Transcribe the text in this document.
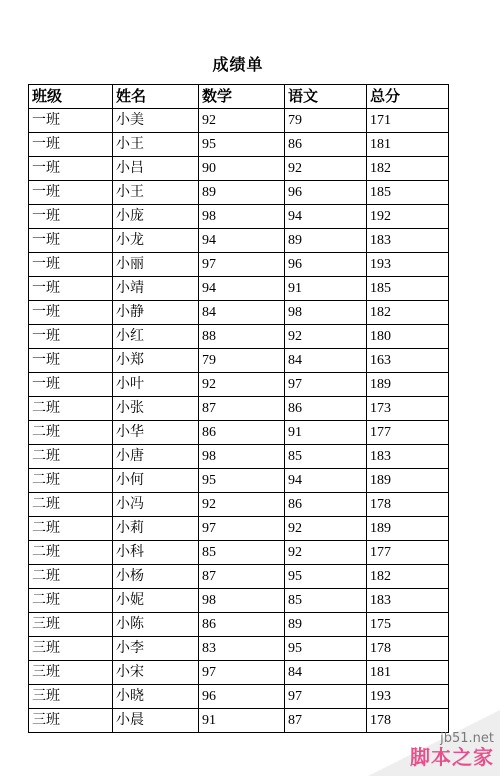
成绩单
班级	姓名	数学	语文	总分
一班	小美	92	79	171
一班	小王	95	86	181
一班	小吕	90	92	182
一班	小王	89	96	185
一班	小庞	98	94	192
一班	小龙	94	89	183
一班	小丽	97	96	193
一班	小靖	94	91	185
一班	小静	84	98	182
一班	小红	88	92	180
一班	小郑	79	84	163
一班	小叶	92	97	189
二班	小张	87	86	173
二班	小华	86	91	177
二班	小唐	98	85	183
二班	小何	95	94	189
二班	小冯	92	86	178
二班	小莉	97	92	189
二班	小科	85	92	177
二班	小杨	87	95	182
二班	小妮	98	85	183
三班	小陈	86	89	175
三班	小李	83	95	178
三班	小宋	97	84	181
三班	小晓	96	97	193
三班	小晨	91	87	178
jb51.net
脚本之家
